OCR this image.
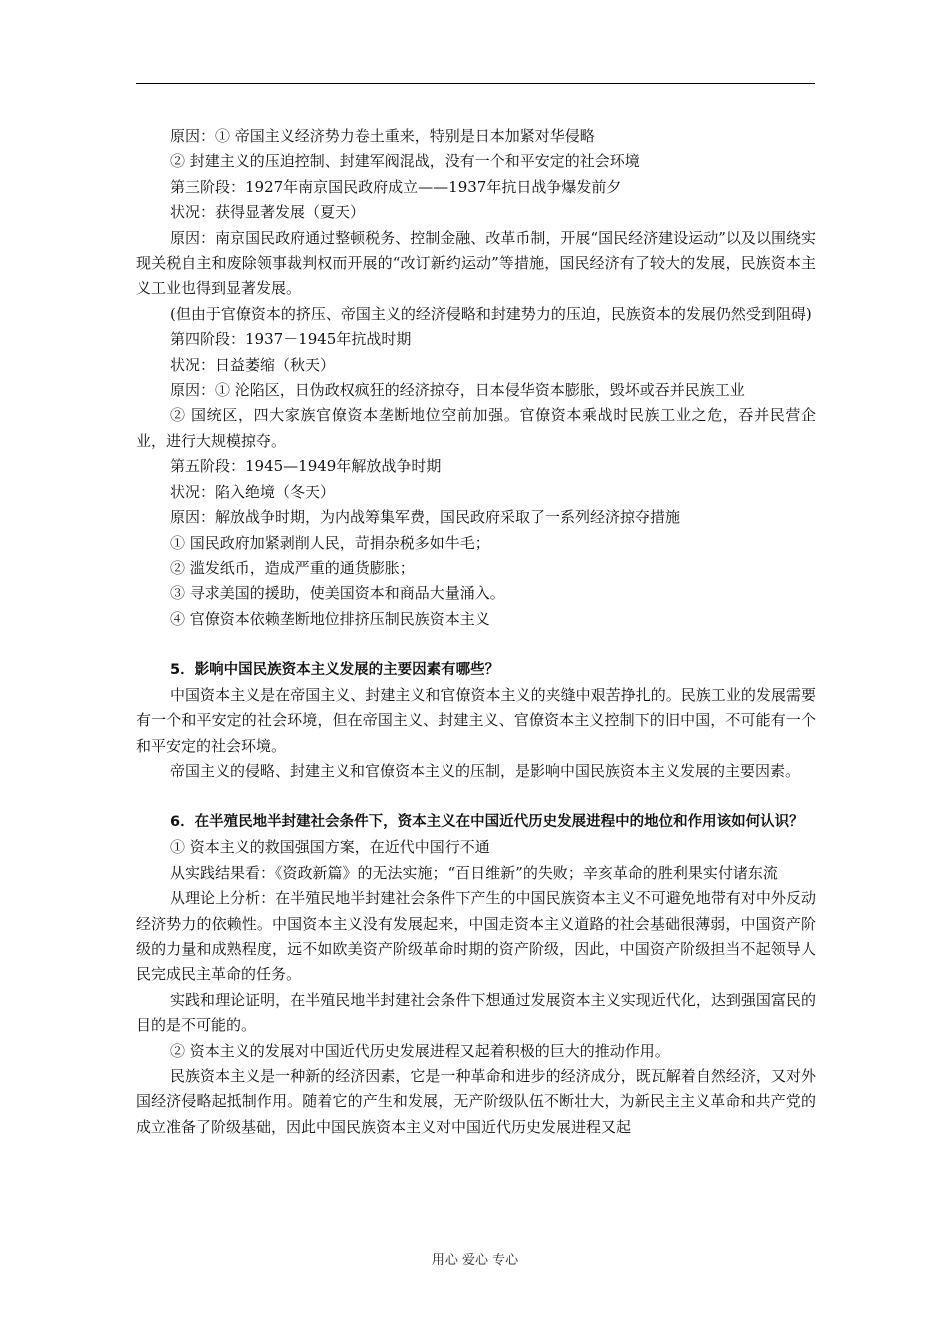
原因：① 帝国主义经济势力卷土重来，特别是日本加紧对华侵略

② 封建主义的压迫控制、封建军阀混战，没有一个和平安定的社会环境

第三阶段：1927年南京国民政府成立——1937年抗日战争爆发前夕

状况：获得显著发展（夏天）

原因：南京国民政府通过整顿税务、控制金融、改革币制，开展“国民经济建设运动”以及以围绕实现关税自主和废除领事裁判权而开展的“改订新约运动”等措施，国民经济有了较大的发展，民族资本主义工业也得到显著发展。

(但由于官僚资本的挤压、帝国主义的经济侵略和封建势力的压迫，民族资本的发展仍然受到阻碍)

第四阶段：1937－1945年抗战时期

状况：日益萎缩（秋天）

原因：① 沦陷区，日伪政权疯狂的经济掠夺，日本侵华资本膨胀，毁坏或吞并民族工业

② 国统区，四大家族官僚资本垄断地位空前加强。官僚资本乘战时民族工业之危，吞并民营企业，进行大规模掠夺。

第五阶段：1945—1949年解放战争时期

状况：陷入绝境（冬天）

原因：解放战争时期，为内战筹集军费，国民政府采取了一系列经济掠夺措施

① 国民政府加紧剥削人民，苛捐杂税多如牛毛；

② 滥发纸币，造成严重的通货膨胀；

③ 寻求美国的援助，使美国资本和商品大量涌入。

④ 官僚资本依赖垄断地位排挤压制民族资本主义

5．影响中国民族资本主义发展的主要因素有哪些？

中国资本主义是在帝国主义、封建主义和官僚资本主义的夹缝中艰苦挣扎的。民族工业的发展需要有一个和平安定的社会环境，但在帝国主义、封建主义、官僚资本主义控制下的旧中国，不可能有一个和平安定的社会环境。

帝国主义的侵略、封建主义和官僚资本主义的压制，是影响中国民族资本主义发展的主要因素。

6．在半殖民地半封建社会条件下，资本主义在中国近代历史发展进程中的地位和作用该如何认识？

① 资本主义的救国强国方案，在近代中国行不通

从实践结果看：《资政新篇》的无法实施；“百日维新”的失败；辛亥革命的胜利果实付诸东流

从理论上分析：在半殖民地半封建社会条件下产生的中国民族资本主义不可避免地带有对中外反动经济势力的依赖性。中国资本主义没有发展起来，中国走资本主义道路的社会基础很薄弱，中国资产阶级的力量和成熟程度，远不如欧美资产阶级革命时期的资产阶级，因此，中国资产阶级担当不起领导人民完成民主革命的任务。

实践和理论证明，在半殖民地半封建社会条件下想通过发展资本主义实现近代化，达到强国富民的目的是不可能的。

② 资本主义的发展对中国近代历史发展进程又起着积极的巨大的推动作用。

民族资本主义是一种新的经济因素，它是一种革命和进步的经济成分，既瓦解着自然经济，又对外国经济侵略起抵制作用。随着它的产生和发展，无产阶级队伍不断壮大，为新民主主义革命和共产党的成立准备了阶级基础，因此中国民族资本主义对中国近代历史发展进程又起

用心 爱心 专心
